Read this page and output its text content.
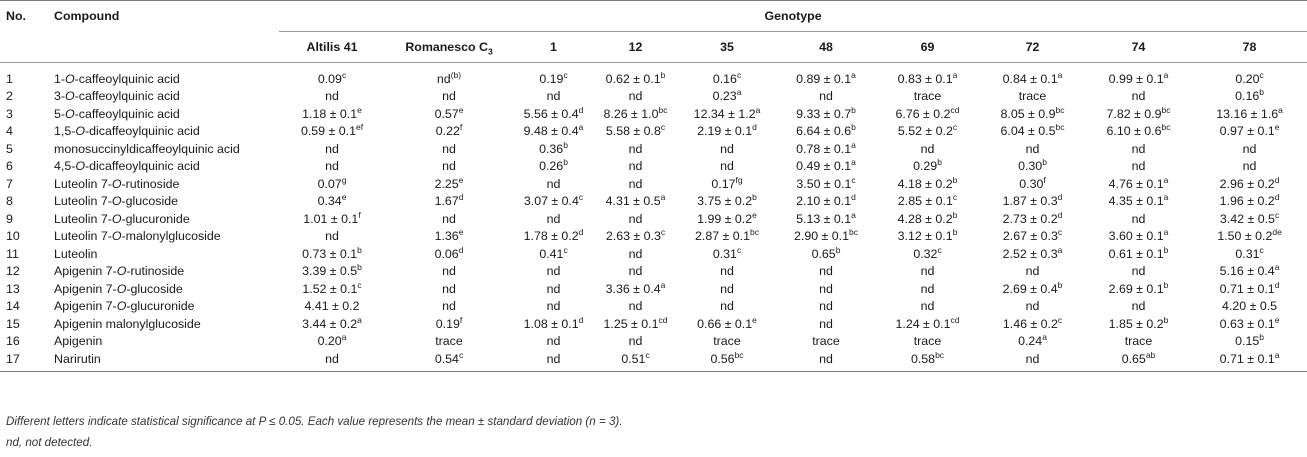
No.	Compound	Genotype									
		Altilis 41	Romanesco $C_3$	1	12	35	48	69	72	74	78

1	1-O-caffeoylquinic acid	0.09$^c$	$nd^{(b)}$	0.19$^c$	0.62 ± 0.1$^b$	0.16$^c$	0.89 ± 0.1$^a$	0.83 ± 0.1$^a$	0.84 ± 0.1$^a$	0.99 ± 0.1$^a$	0.20$^c$
2	3-O-caffeoylquinic acid	nd	nd	nd	nd	0.23$^a$	nd	trace	trace	nd	0.16$^b$
3	5-O-caffeoylquinic acid	1.18 ± 0.1$^e$	0.57e	5.56 ± 0.4$^d$	8.26 ± 1.0$^{bc}$	12.34 ± 1.2$^a$	9.33 ± 0.7$^b$	6.76 ± 0.2$^{cd}$	8.05 ± 0.9$^{bc}$	7.82 ± 0.9$^{bc}$	13.16 ± 1.6$^a$
4	1,5-O-dicaffeoylquinic acid	0.59 ± 0.1$^{ef}$	0.22$^f$	9.48 ± 0.4$^a$	5.58 ± 0.8$^c$	2.19 ± 0.1$^d$	6.64 ± 0.6$^b$	5.52 ± 0.2$^c$	6.04 ± 0.5$^{bc}$	6.10 ± 0.6$^{bc}$	0.97 ± 0.1$^e$
5	monosuccinyldicaffeoylquinic acid	nd	nd	0.36$^b$	nd	nd	0.78 ± 0.1$^a$	nd	nd	nd	nd
6	4,5-O-dicaffeoylquinic acid	nd	nd	0.26$^b$	nd	nd	0.49 ± 0.1$^a$	0.29$^b$	0.30$^b$	nd	nd
7	Luteolin 7-O-rutinoside	0.07$^g$	2.25e	nd	nd	0.17$^{fg}$	3.50 ± 0.1$^c$	4.18 ± 0.2$^b$	0.30$^f$	4.76 ± 0.1$^a$	2.96 ± 0.2$^d$
8	Luteolin 7-O-glucoside	0.34e	1.67$^d$	3.07 ± 0.4$^c$	4.31 ± 0.5$^a$	3.75 ± 0.2$^b$	2.10 ± 0.1$^d$	2.85 ± 0.1$^c$	1.87 ± 0.3$^d$	4.35 ± 0.1$^a$	1.96 ± 0.2$^d$
9	Luteolin 7-O-glucuronide	1.01 ± 0.1$^f$	nd	nd	nd	1.99 ± 0.2$^e$	5.13 ± 0.1$^a$	4.28 ± 0.2$^b$	2.73 ± 0.2$^d$	nd	3.42 ± 0.5$^c$
10	Luteolin 7-O-malonylglucoside	nd	1.36e	1.78 ± 0.2$^d$	2.63 ± 0.3$^c$	2.87 ± 0.1$^{bc}$	2.90 ± 0.1$^{bc}$	3.12 ± 0.1$^b$	2.67 ± 0.3$^c$	3.60 ± 0.1$^a$	1.50 ± 0.2de
11	Luteolin	0.73 ± 0.1$^b$	0.06$^d$	0.41$^c$	nd	0.31$^c$	0.65$^b$	0.32$^c$	2.52 ± 0.3$^a$	0.61 ± 0.1$^b$	0.31$^c$
12	Apigenin 7-O-rutinoside	3.39 ± 0.5$^b$	nd	nd	nd	nd	nd	nd	nd	nd	5.16 ± 0.4$^a$
13	Apigenin 7-O-glucoside	1.52 ± 0.1$^c$	nd	nd	3.36 ± 0.4$^a$	nd	nd	nd	2.69 ± 0.4$^b$	2.69 ± 0.1$^b$	0.71 ± 0.1$^d$
14	Apigenin 7-O-glucuronide	4.41 ± 0.2	nd	nd	nd	nd	nd	nd	nd	nd	4.20 ± 0.5
15	Apigenin malonylglucoside	3.44 ± 0.2$^a$	0.19$^f$	1.08 ± 0.1$^d$	1.25 ± 0.1$^{cd}$	0.66 ± 0.1$^e$	nd	1.24 ± 0.1$^{cd}$	1.46 ± 0.2$^c$	1.85 ± 0.2$^b$	0.63 ± 0.1$^e$
16	Apigenin	0.20$^a$	trace	nd	nd	trace	trace	trace	0.24$^a$	trace	0.15$^b$
17	Narirutin	nd	0.54$^c$	nd	0.51$^c$	0.56$^{bc}$	nd	0.58$^{bc}$	nd	0.65$^{ab}$	0.71 ± 0.1$^a$
Different letters indicate statistical significance at P ≤ 0.05. Each value represents the mean ± standard deviation (n = 3).
nd, not detected.
